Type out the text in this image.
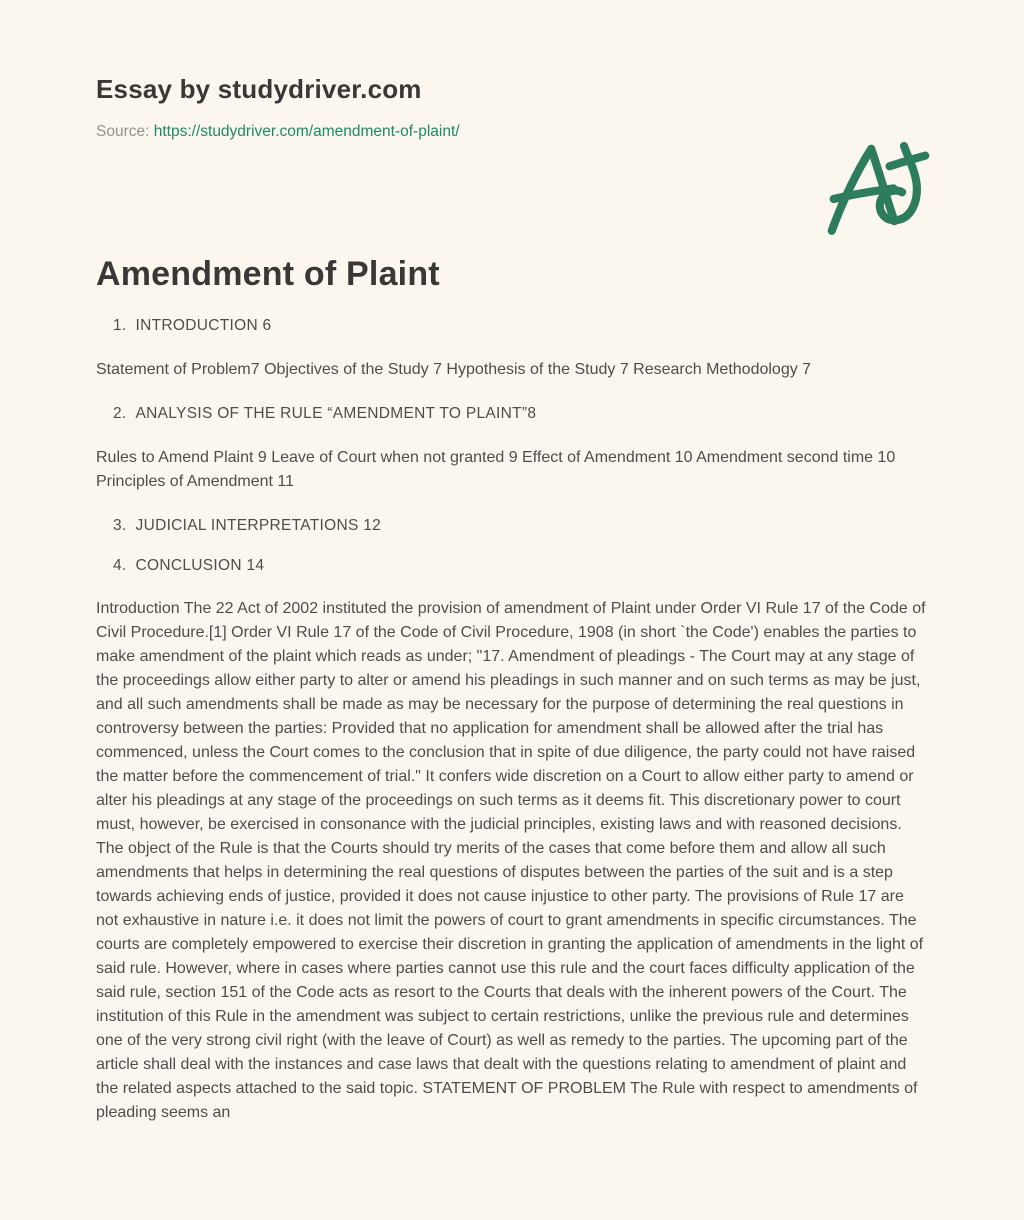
Essay by studydriver.com
Source: https://studydriver.com/amendment-of-plaint/
Amendment of Plaint
1. INTRODUCTION 6
Statement of Problem7 Objectives of the Study 7 Hypothesis of the Study 7 Research Methodology 7
2. ANALYSIS OF THE RULE “AMENDMENT TO PLAINT”8
Rules to Amend Plaint 9 Leave of Court when not granted 9 Effect of Amendment 10 Amendment second time 10 Principles of Amendment 11
3. JUDICIAL INTERPRETATIONS 12
4. CONCLUSION 14
Introduction The 22 Act of 2002 instituted the provision of amendment of Plaint under Order VI Rule 17 of the Code of Civil Procedure.[1] Order VI Rule 17 of the Code of Civil Procedure, 1908 (in short `the Code') enables the parties to make amendment of the plaint which reads as under; "17. Amendment of pleadings - The Court may at any stage of the proceedings allow either party to alter or amend his pleadings in such manner and on such terms as may be just, and all such amendments shall be made as may be necessary for the purpose of determining the real questions in controversy between the parties: Provided that no application for amendment shall be allowed after the trial has commenced, unless the Court comes to the conclusion that in spite of due diligence, the party could not have raised the matter before the commencement of trial." It confers wide discretion on a Court to allow either party to amend or alter his pleadings at any stage of the proceedings on such terms as it deems fit. This discretionary power to court must, however, be exercised in consonance with the judicial principles, existing laws and with reasoned decisions. The object of the Rule is that the Courts should try merits of the cases that come before them and allow all such amendments that helps in determining the real questions of disputes between the parties of the suit and is a step towards achieving ends of justice, provided it does not cause injustice to other party. The provisions of Rule 17 are not exhaustive in nature i.e. it does not limit the powers of court to grant amendments in specific circumstances. The courts are completely empowered to exercise their discretion in granting the application of amendments in the light of said rule. However, where in cases where parties cannot use this rule and the court faces difficulty application of the said rule, section 151 of the Code acts as resort to the Courts that deals with the inherent powers of the Court. The institution of this Rule in the amendment was subject to certain restrictions, unlike the previous rule and determines one of the very strong civil right (with the leave of Court) as well as remedy to the parties. The upcoming part of the article shall deal with the instances and case laws that dealt with the questions relating to amendment of plaint and the related aspects attached to the said topic. STATEMENT OF PROBLEM The Rule with respect to amendments of pleading seems an
